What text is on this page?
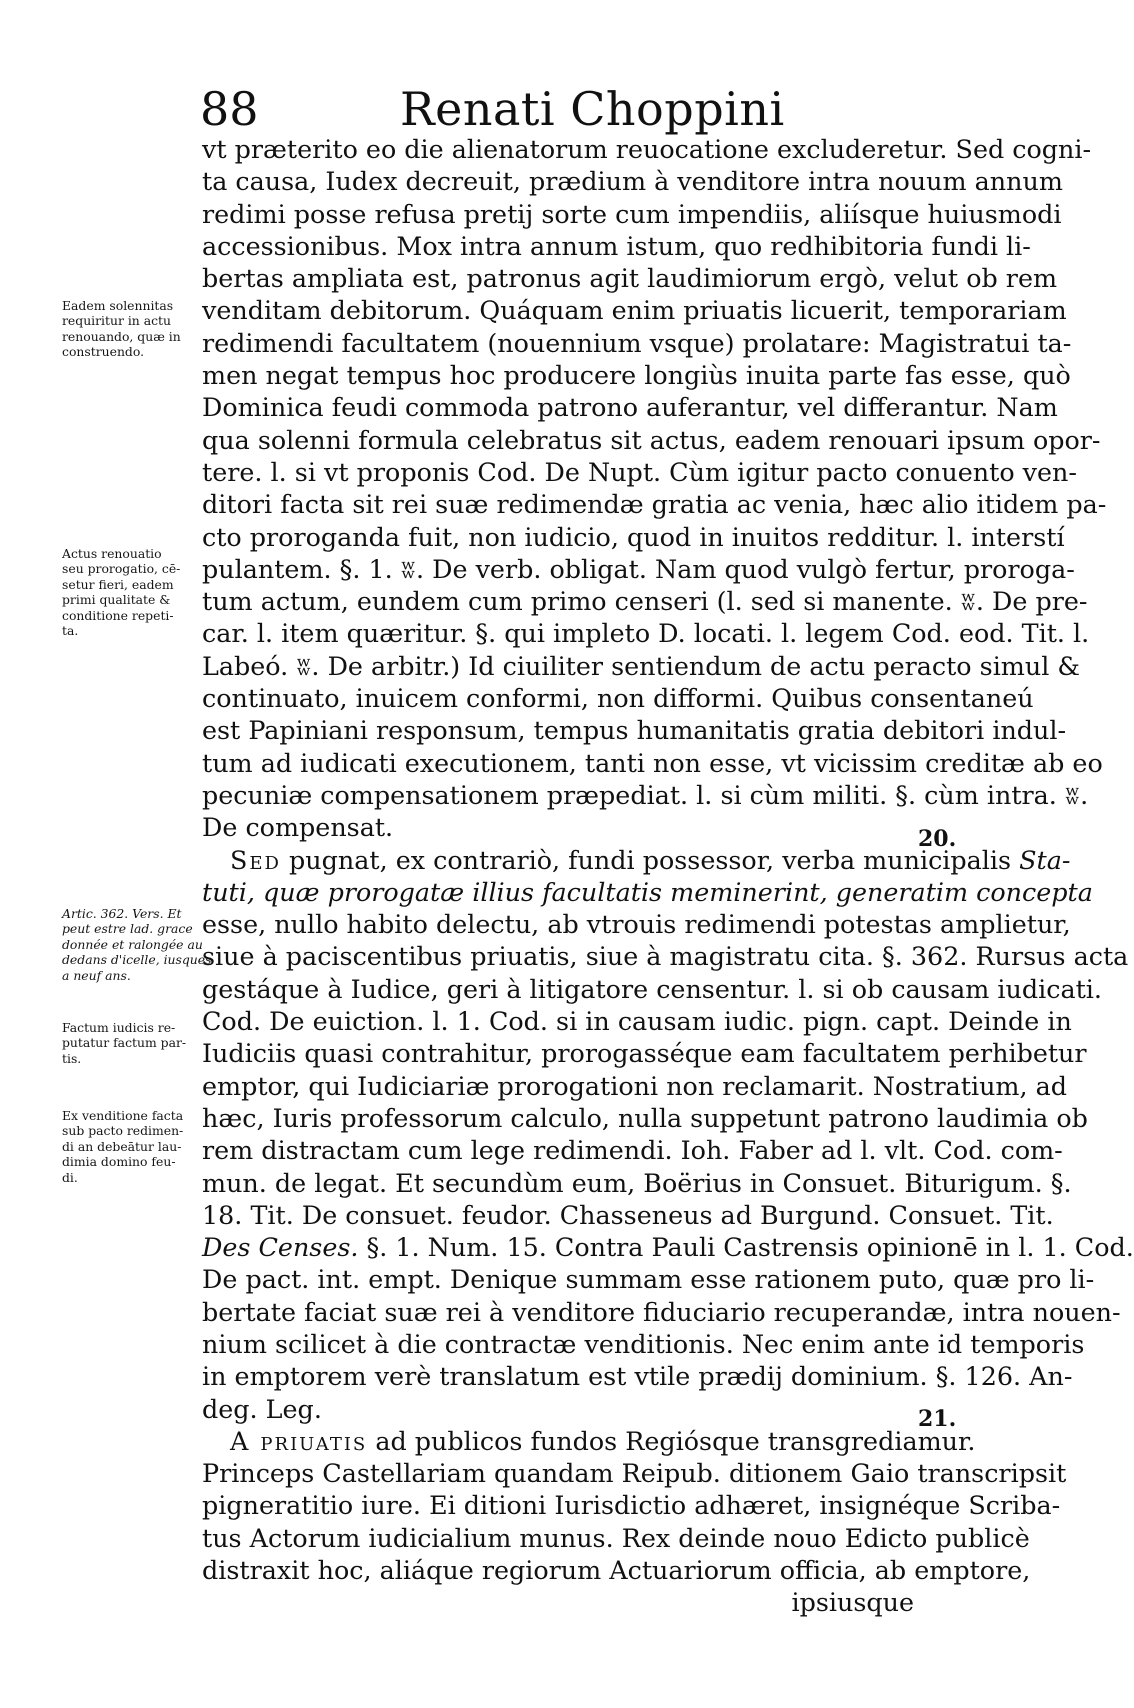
88	Renati Choppini
vt præterito eo die alienatorum reuocatione excluderetur. Sed cogni-
ta causa, Iudex decreuit, prædium à venditore intra nouum annum
redimi posse refusa pretij sorte cum impendiis, aliísque huiusmodi
accessionibus. Mox intra annum istum, quo redhibitoria fundi li-
bertas ampliata est, patronus agit laudimiorum ergò, velut ob rem
venditam debitorum. Quáquam enim priuatis licuerit, temporariam
redimendi facultatem (nouennium vsque) prolatare: Magistratui ta-
men negat tempus hoc producere longiùs inuita parte fas esse, quò
Dominica feudi commoda patrono auferantur, vel differantur. Nam
qua solenni formula celebratus sit actus, eadem renouari ipsum opor-
tere. l. si vt proponis Cod. De Nupt. Cùm igitur pacto conuento ven-
ditori facta sit rei suæ redimendæ gratia ac venia, hæc alio itidem pa-
cto proroganda fuit, non iudicio, quod in inuitos redditur. l. interstí
pulantem. §. 1. ʬ. De verb. obligat. Nam quod vulgò fertur, proroga-
tum actum, eundem cum primo censeri (l. sed si manente. ʬ. De pre-
car. l. item quæritur. §. qui impleto D. locati. l. legem Cod. eod. Tit. l.
Labeó. ʬ. De arbitr.) Id ciuiliter sentiendum de actu peracto simul &
continuato, inuicem conformi, non difformi. Quibus consentaneú
est Papiniani responsum, tempus humanitatis gratia debitori indul-
tum ad iudicati executionem, tanti non esse, vt vicissim creditæ ab eo
pecuniæ compensationem præpediat. l. si cùm militi. §. cùm intra. ʬ.
De compensat.
Sed pugnat, ex contrariò, fundi possessor, verba municipalis Sta-
tuti, quæ prorogatæ illius facultatis meminerint, generatim concepta
esse, nullo habito delectu, ab vtrouis redimendi potestas amplietur,
siue à paciscentibus priuatis, siue à magistratu cita. §. 362. Rursus acta
gestáque à Iudice, geri à litigatore censentur. l. si ob causam iudicati.
Cod. De euiction. l. 1. Cod. si in causam iudic. pign. capt. Deinde in
Iudiciis quasi contrahitur, prorogasséque eam facultatem perhibetur
emptor, qui Iudiciariæ prorogationi non reclamarit. Nostratium, ad
hæc, Iuris professorum calculo, nulla suppetunt patrono laudimia ob
rem distractam cum lege redimendi. Ioh. Faber ad l. vlt. Cod. com-
mun. de legat. Et secundùm eum, Boërius in Consuet. Biturigum. §.
18. Tit. De consuet. feudor. Chasseneus ad Burgund. Consuet. Tit.
Des Censes. §. 1. Num. 15. Contra Pauli Castrensis opinionē in l. 1. Cod.
De pact. int. empt. Denique summam esse rationem puto, quæ pro li-
bertate faciat suæ rei à venditore fiduciario recuperandæ, intra nouen-
nium scilicet à die contractæ venditionis. Nec enim ante id temporis
in emptorem verè translatum est vtile prædij dominium. §. 126. An-
deg. Leg.
A priuatis ad publicos fundos Regiósque transgrediamur.
Princeps Castellariam quandam Reipub. ditionem Gaio transcripsit
pigneratitio iure. Ei ditioni Iurisdictio adhæret, insignéque Scriba-
tus Actorum iudicialium munus. Rex deinde nouo Edicto publicè
distraxit hoc, aliáque regiorum Actuariorum officia, ab emptore,
ipsiusque
Eadem solennitas
requiritur in actu
renouando, quæ in
construendo.
Actus renouatio
seu prorogatio, cē-
setur fieri, eadem
primi qualitate &
conditione repeti-
ta.
Artic. 362. Vers. Et
peut estre lad. grace
donnée et ralongée au
dedans d'icelle, iusques
a neuf ans.
Factum iudicis re-
putatur factum par-
tis.
Ex venditione facta
sub pacto redimen-
di an debeātur lau-
dimia domino feu-
di.
20.
21.
